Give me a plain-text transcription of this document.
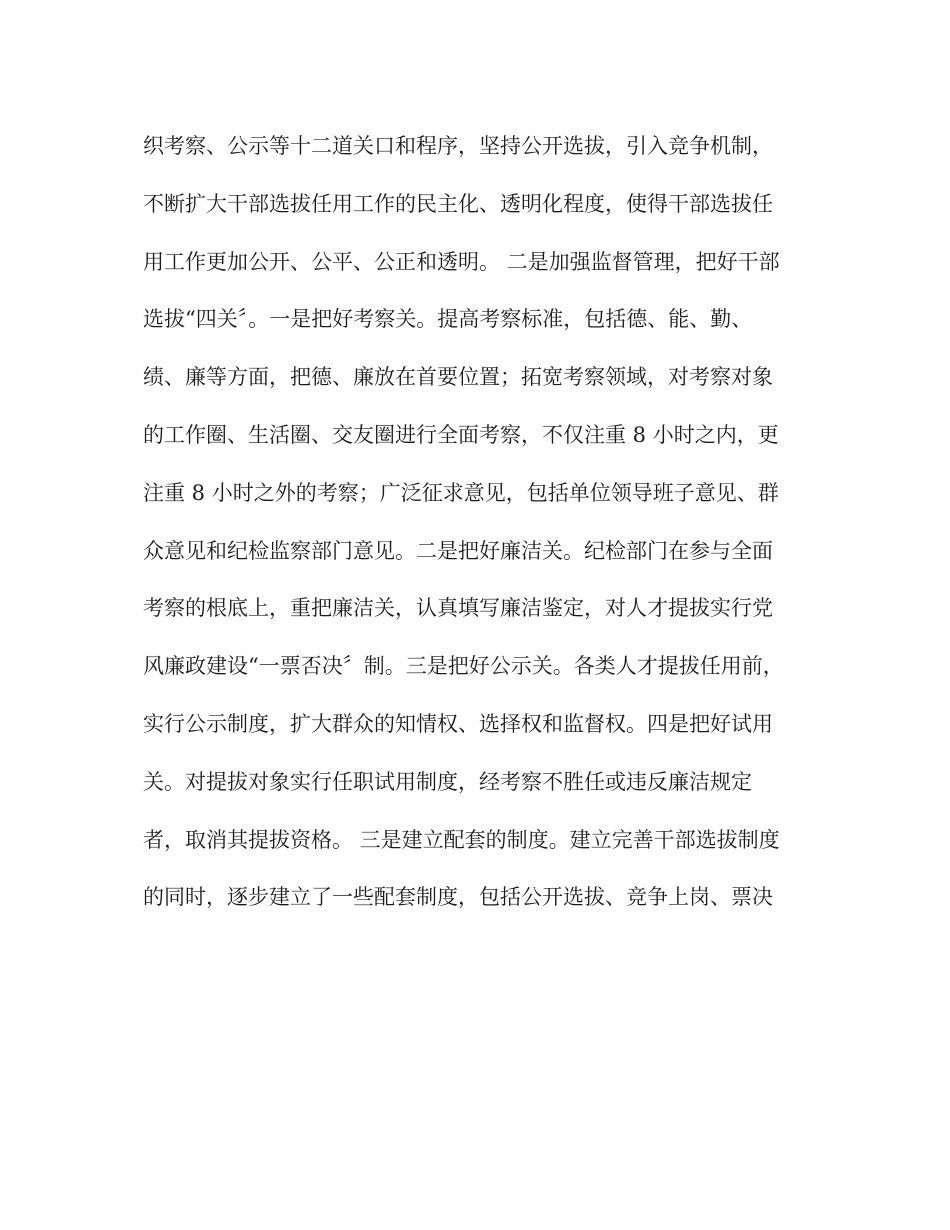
织考察、公示等十二道关口和程序，坚持公开选拔，引入竞争机制，

不断扩大干部选拔任用工作的民主化、透明化程度，使得干部选拔任

用工作更加公开、公平、公正和透明。 二是加强监督管理，把好干部

选拔“四关〞。一是把好考察关。提高考察标准，包括德、能、勤、

绩、廉等方面，把德、廉放在首要位置；拓宽考察领域，对考察对象

的工作圈、生活圈、交友圈进行全面考察，不仅注重 8 小时之内，更

注重 8 小时之外的考察；广泛征求意见，包括单位领导班子意见、群

众意见和纪检监察部门意见。二是把好廉洁关。纪检部门在参与全面

考察的根底上，重把廉洁关，认真填写廉洁鉴定，对人才提拔实行党

风廉政建设“一票否决〞制。三是把好公示关。各类人才提拔任用前，

实行公示制度，扩大群众的知情权、选择权和监督权。四是把好试用

关。对提拔对象实行任职试用制度，经考察不胜任或违反廉洁规定

者，取消其提拔资格。 三是建立配套的制度。建立完善干部选拔制度

的同时，逐步建立了一些配套制度，包括公开选拔、竞争上岗、票决
